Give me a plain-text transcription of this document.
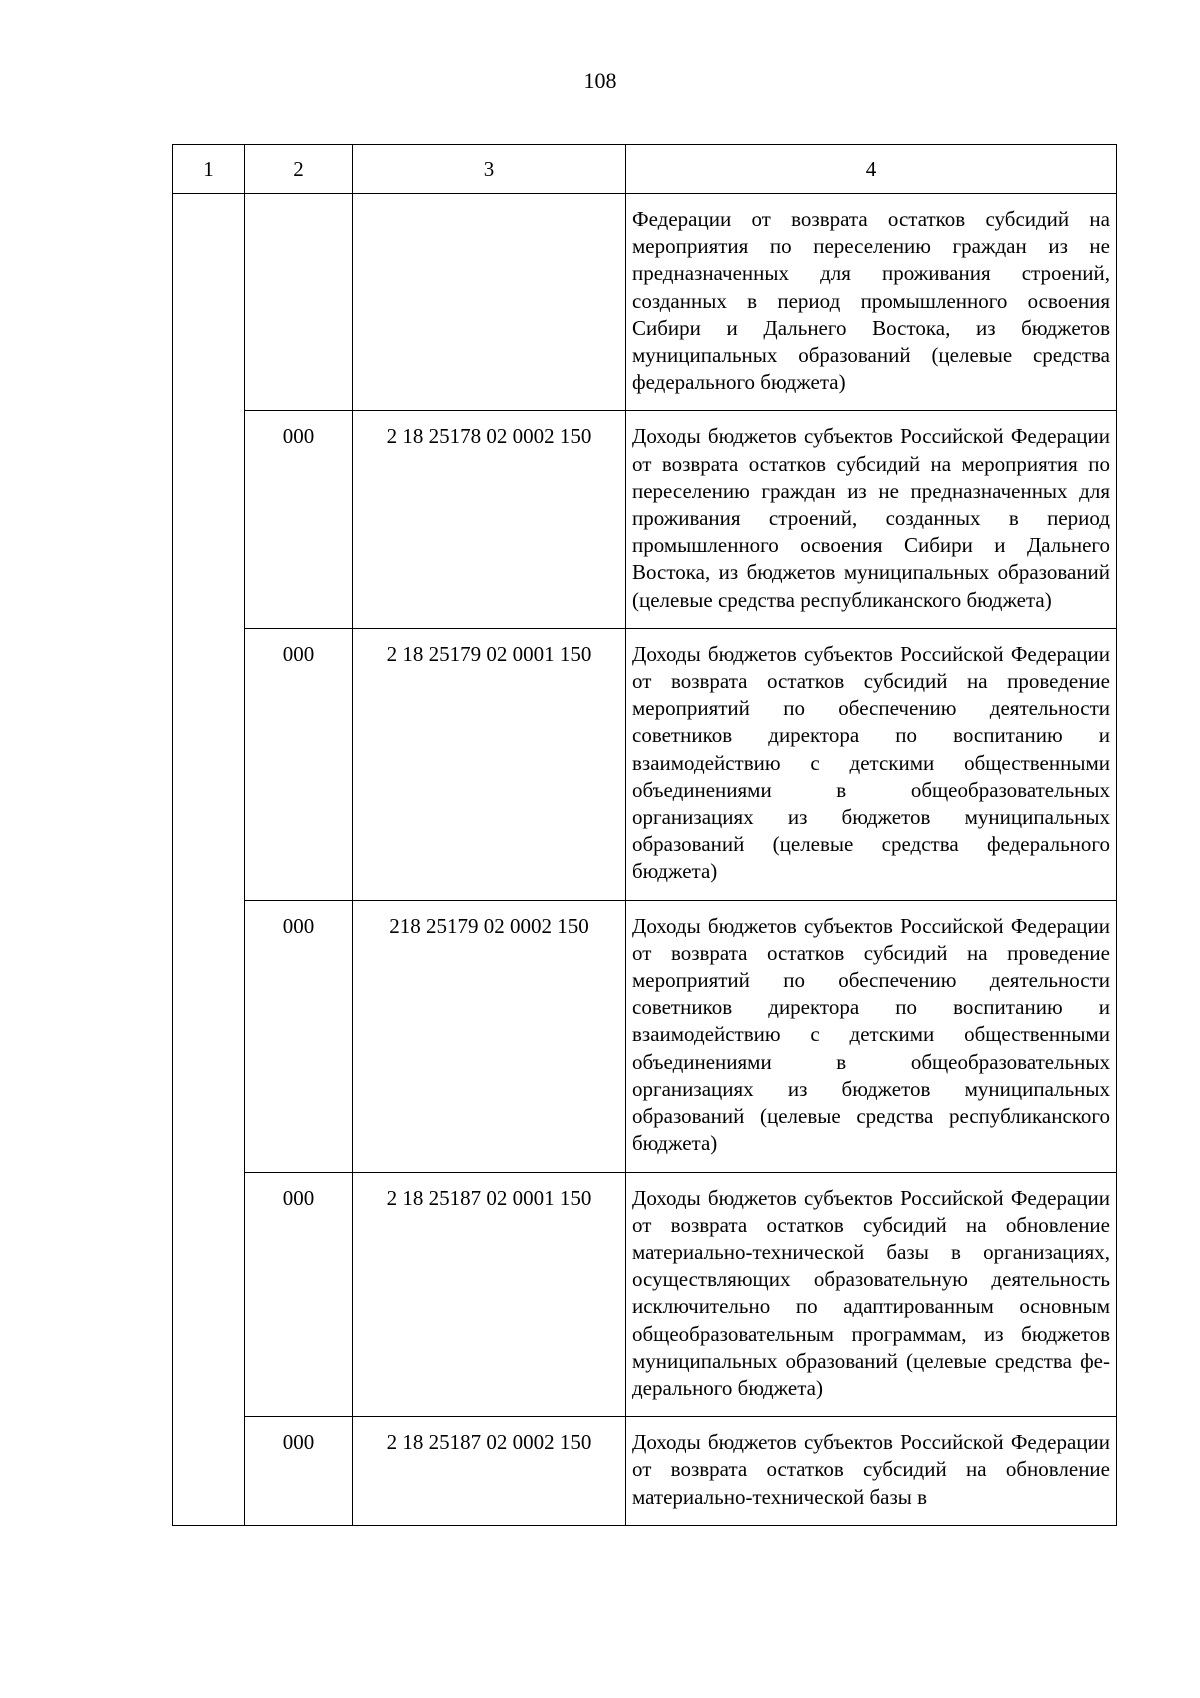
108
1	2	3	4
			Федерации от возврата остатков субсидий на мероприятия по переселению граждан из не предназначенных для проживания строений, созданных в период промышленного освоения Сибири и Дальнего Востока, из бюджетов муниципальных образований (целевые средства федерального бюджета)
	000	2 18 25178 02 0002 150	Доходы бюджетов субъектов Российской Федерации от возврата остатков субсидий на мероприятия по переселению граждан из не предназначенных для проживания строений, созданных в период промышленного освоения Сибири и Дальнего Востока, из бюджетов муниципальных образований (целевые средства республиканского бюджета)
	000	2 18 25179 02 0001 150	Доходы бюджетов субъектов Российской Федерации от возврата остатков субсидий на проведение мероприятий по обеспечению деятельности советников директора по воспитанию и взаимодействию с детскими общественными объединениями в общеобразовательных организациях из бюджетов муниципальных образований (целевые средства федерального бюджета)
	000	218 25179 02 0002 150	Доходы бюджетов субъектов Российской Федерации от возврата остатков субсидий на проведение мероприятий по обеспечению деятельности советников директора по воспитанию и взаимодействию с детскими общественными объединениями в общеобразовательных организациях из бюджетов муниципальных образований (целевые средства республиканского бюджета)
	000	2 18 25187 02 0001 150	Доходы бюджетов субъектов Российской Федерации от возврата остатков субсидий на обновление материально-технической базы в организациях, осуществляющих образовательную деятельность исключительно по адаптированным основным общеобразовательным программам, из бюджетов муниципальных образований (целевые средства федерального бюджета)
	000	2 18 25187 02 0002 150	Доходы бюджетов субъектов Российской Федерации от возврата остатков субсидий на обновление материально-технической базы в
